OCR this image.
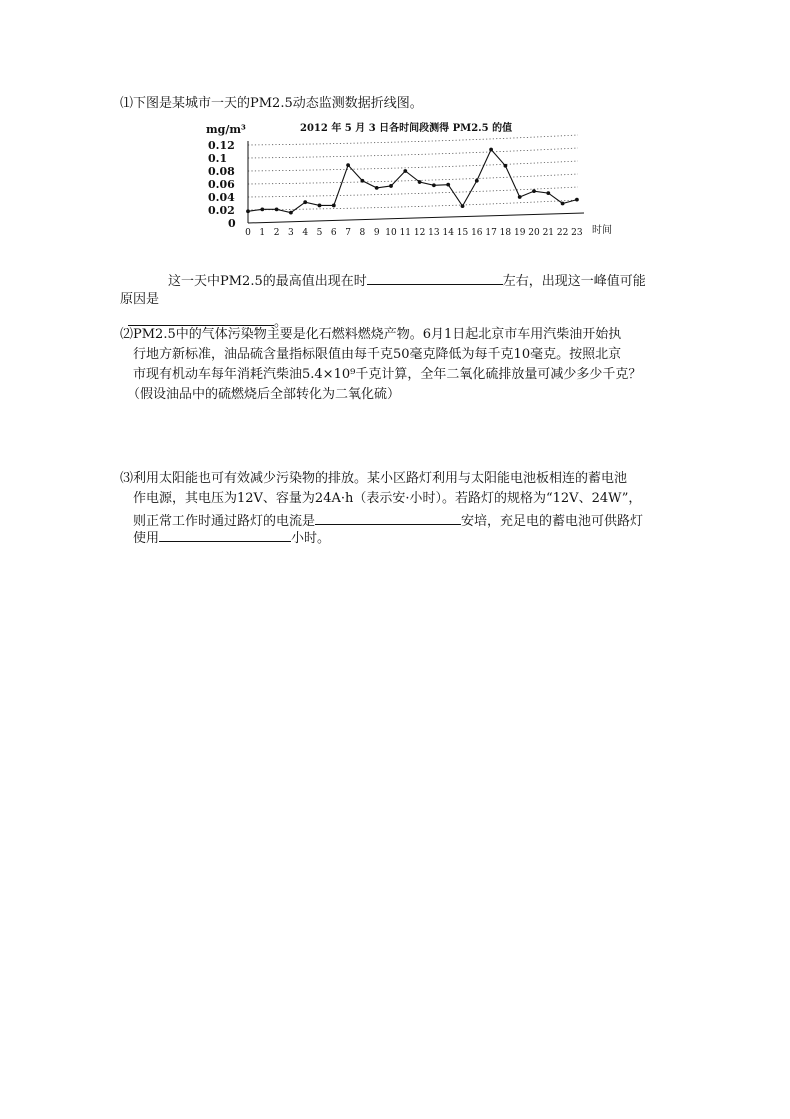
⑴下图是某城市一天的PM2.5动态监测数据折线图。
2012 年 5 月 3 日各时间段测得 PM2.5 的值
mg/m³
时间
0
0.02
0.04
0.06
0.08
0.1
0.12
0 1 2 3 4 5 6 7 8 9 10 11 12 13 14 15 16 17 18 19 20 21 22 23
这一天中PM2.5的最高值出现在时	左右，出现这一峰值可能
原因是
。
⑵PM2.5中的气体污染物主要是化石燃料燃烧产物。6月1日起北京市车用汽柴油开始执
行地方新标准，油品硫含量指标限值由每千克50毫克降低为每千克10毫克。按照北京
市现有机动车每年消耗汽柴油5.4×10⁹千克计算，全年二氧化硫排放量可减少多少千克？
（假设油品中的硫燃烧后全部转化为二氧化硫）
⑶利用太阳能也可有效减少污染物的排放。某小区路灯利用与太阳能电池板相连的蓄电池
作电源，其电压为12V、容量为24A·h（表示安·小时）。若路灯的规格为“12V、24W”，
则正常工作时通过路灯的电流是	安培，充足电的蓄电池可供路灯
使用	小时。
